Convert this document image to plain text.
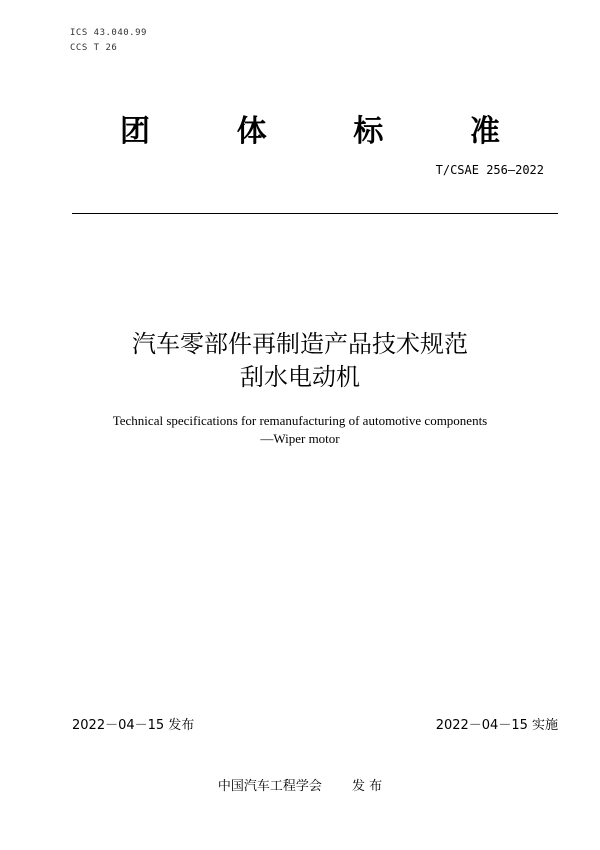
ICS 43.040.99
CCS T 26
团	体	标	准
T/CSAE 256—2022
汽车零部件再制造产品技术规范
刮水电动机
Technical specifications for remanufacturing of automotive components
—Wiper motor
2022－04－15 发布	2022－04－15 实施
中国汽车工程学会 发 布
